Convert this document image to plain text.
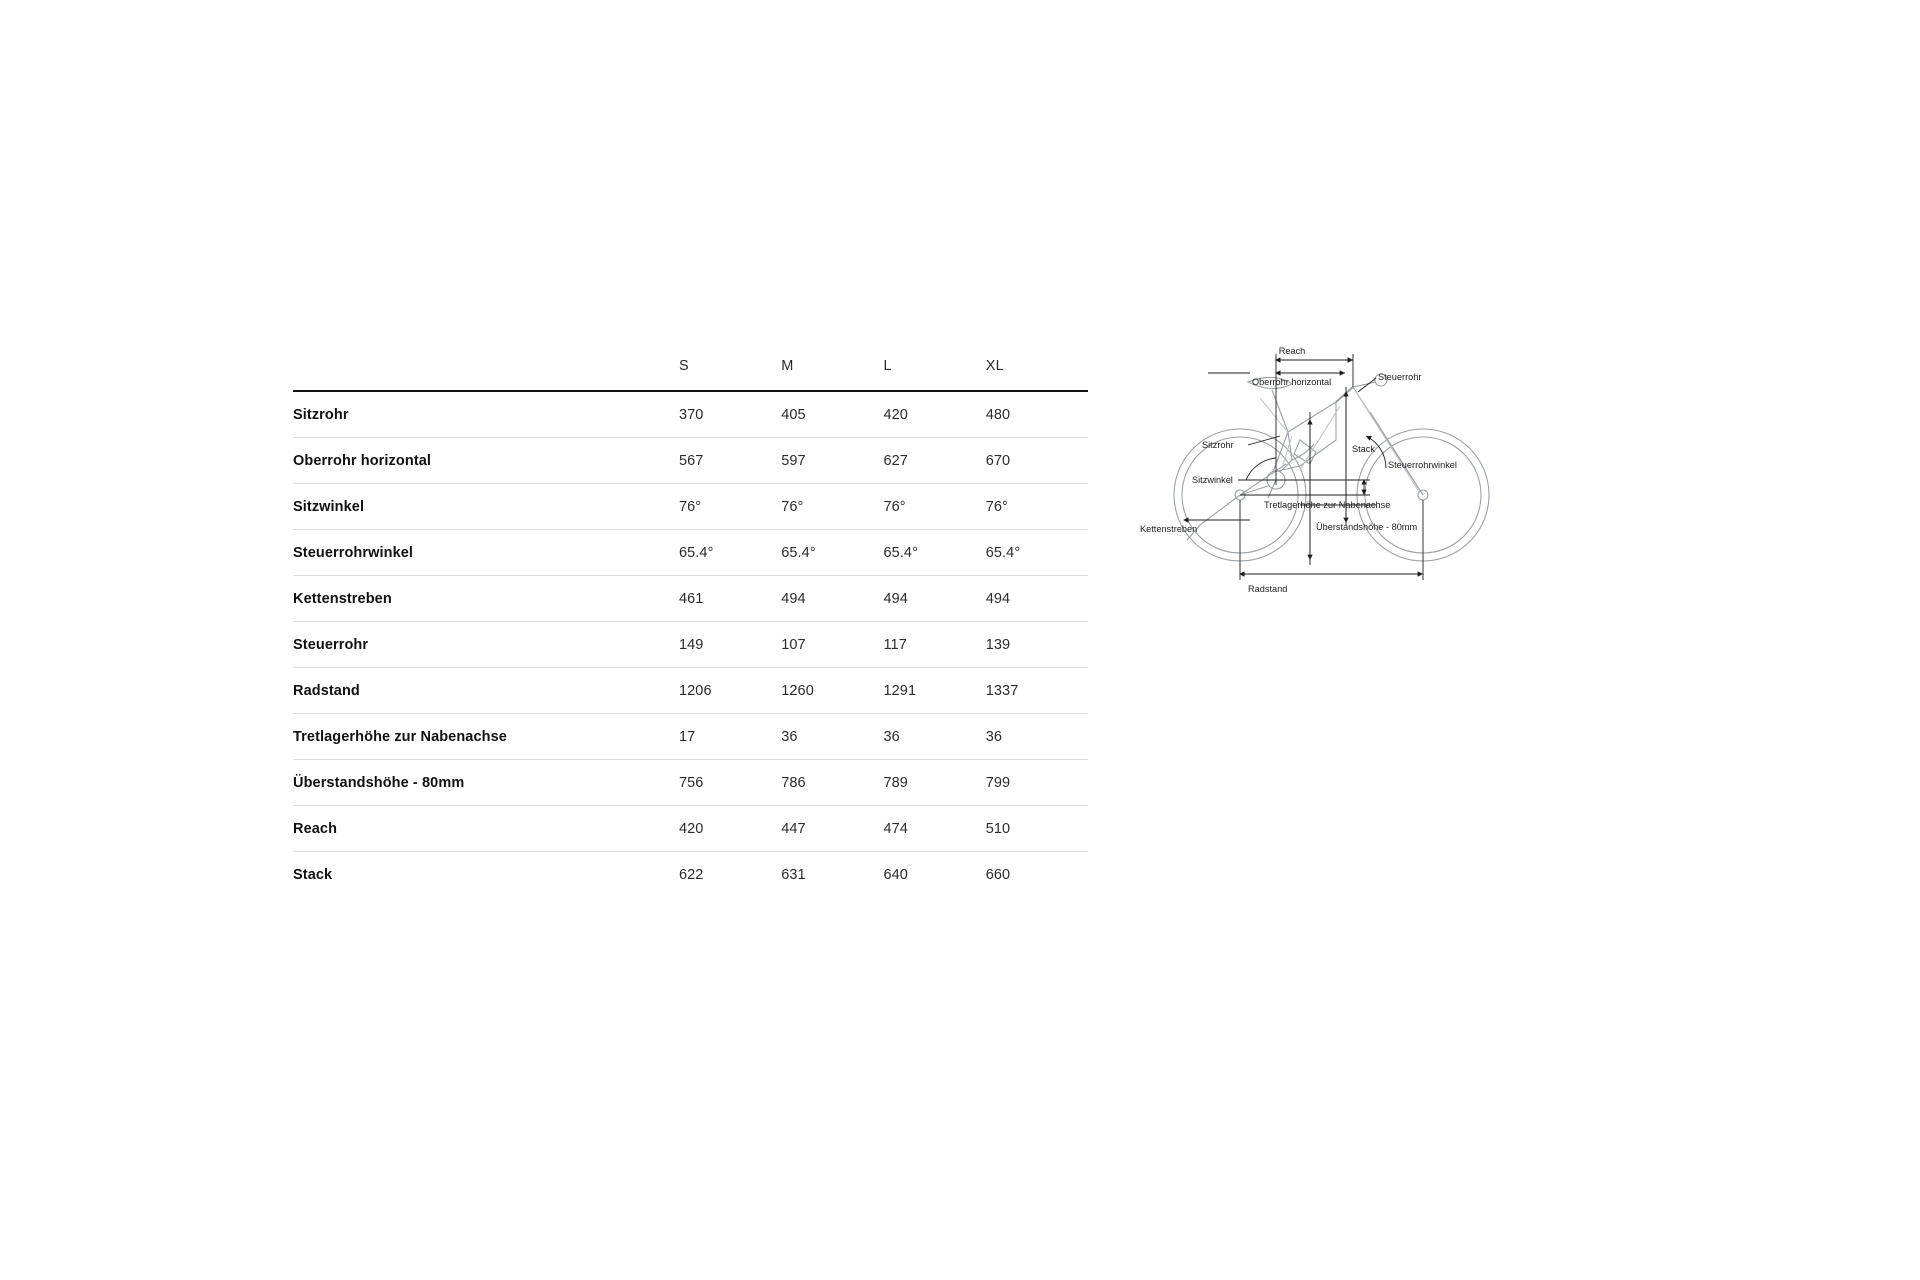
	S	M	L	XL
Sitzrohr	370	405	420	480
Oberrohr horizontal	567	597	627	670
Sitzwinkel	76°	76°	76°	76°
Steuerrohrwinkel	65.4°	65.4°	65.4°	65.4°
Kettenstreben	461	494	494	494
Steuerrohr	149	107	117	139
Radstand	1206	1260	1291	1337
Tretlagerhöhe zur Nabenachse	17	36	36	36
Überstandshöhe - 80mm	756	786	789	799
Reach	420	447	474	510
Stack	622	631	640	660
Reach
Oberrohr horizontal	Steuerrohr
Stack
Steuerrohrwinkel
Sitzrohr
Sitzwinkel
Kettenstreben
Tretlagerhöhe zur Nabenachse
Überstandshöhe - 80mm
Radstand
